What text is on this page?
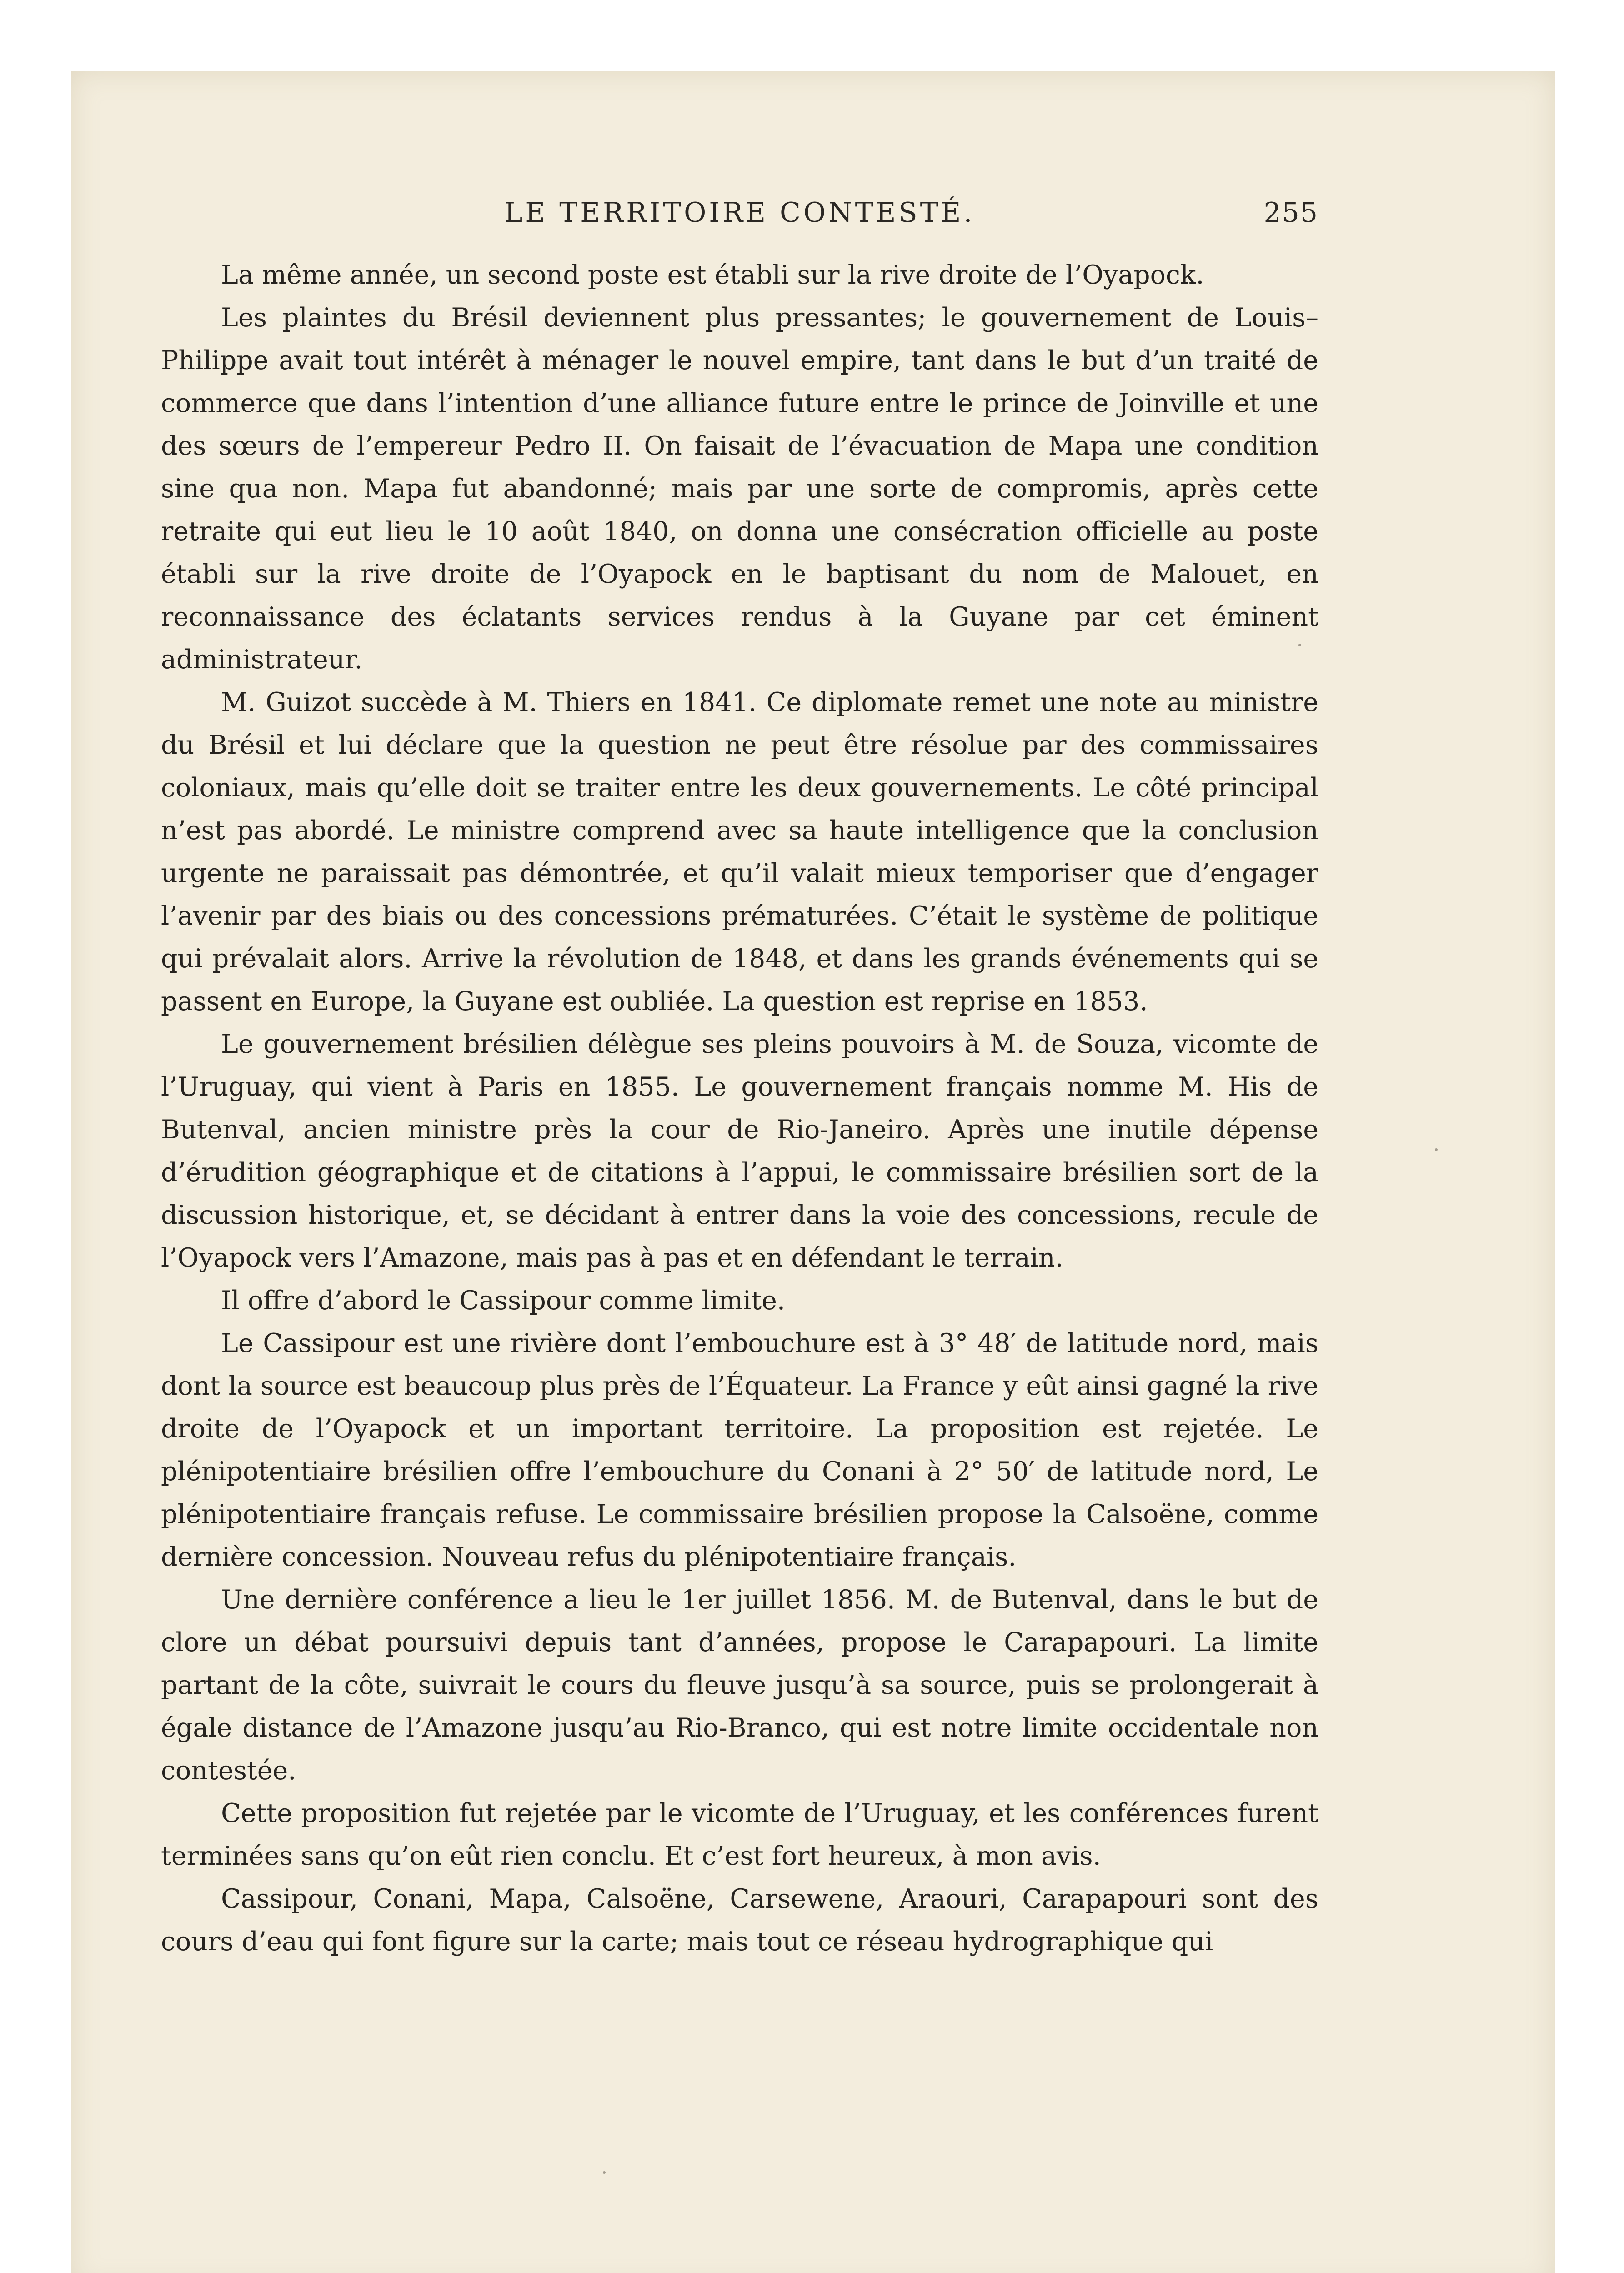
LE TERRITOIRE CONTESTÉ.	255

La même année, un second poste est établi sur la rive droite de l’Oyapock.

Les plaintes du Brésil deviennent plus pressantes; le gouvernement de Louis–Philippe avait tout intérêt à ménager le nouvel empire, tant dans le but d’un traité de commerce que dans l’intention d’une alliance future entre le prince de Joinville et une des sœurs de l’empereur Pedro II. On faisait de l’évacuation de Mapa une condition sine qua non. Mapa fut abandonné; mais par une sorte de compromis, après cette retraite qui eut lieu le 10 août 1840, on donna une consécration officielle au poste établi sur la rive droite de l’Oyapock en le baptisant du nom de Malouet, en reconnaissance des éclatants services rendus à la Guyane par cet éminent administrateur.

M. Guizot succède à M. Thiers en 1841. Ce diplomate remet une note au ministre du Brésil et lui déclare que la question ne peut être résolue par des commissaires coloniaux, mais qu’elle doit se traiter entre les deux gouvernements. Le côté principal n’est pas abordé. Le ministre comprend avec sa haute intelligence que la conclusion urgente ne paraissait pas démontrée, et qu’il valait mieux temporiser que d’engager l’avenir par des biais ou des concessions prématurées. C’était le système de politique qui prévalait alors. Arrive la révolution de 1848, et dans les grands événements qui se passent en Europe, la Guyane est oubliée. La question est reprise en 1853.

Le gouvernement brésilien délègue ses pleins pouvoirs à M. de Souza, vicomte de l’Uruguay, qui vient à Paris en 1855. Le gouvernement français nomme M. His de Butenval, ancien ministre près la cour de Rio-Janeiro. Après une inutile dépense d’érudition géographique et de citations à l’appui, le commissaire brésilien sort de la discussion historique, et, se décidant à entrer dans la voie des concessions, recule de l’Oyapock vers l’Amazone, mais pas à pas et en défendant le terrain.

Il offre d’abord le Cassipour comme limite.

Le Cassipour est une rivière dont l’embouchure est à 3° 48′ de latitude nord, mais dont la source est beaucoup plus près de l’Équateur. La France y eût ainsi gagné la rive droite de l’Oyapock et un important territoire. La proposition est rejetée. Le plénipotentiaire brésilien offre l’embouchure du Conani à 2° 50′ de latitude nord, Le plénipotentiaire français refuse. Le commissaire brésilien propose la Calsoëne, comme dernière concession. Nouveau refus du plénipotentiaire français.

Une dernière conférence a lieu le 1er juillet 1856. M. de Butenval, dans le but de clore un débat poursuivi depuis tant d’années, propose le Carapapouri. La limite partant de la côte, suivrait le cours du fleuve jusqu’à sa source, puis se prolongerait à égale distance de l’Amazone jusqu’au Rio-Branco, qui est notre limite occidentale non contestée.

Cette proposition fut rejetée par le vicomte de l’Uruguay, et les conférences furent terminées sans qu’on eût rien conclu. Et c’est fort heureux, à mon avis.

Cassipour, Conani, Mapa, Calsoëne, Carsewene, Araouri, Carapapouri sont des cours d’eau qui font figure sur la carte; mais tout ce réseau hydrographique qui
